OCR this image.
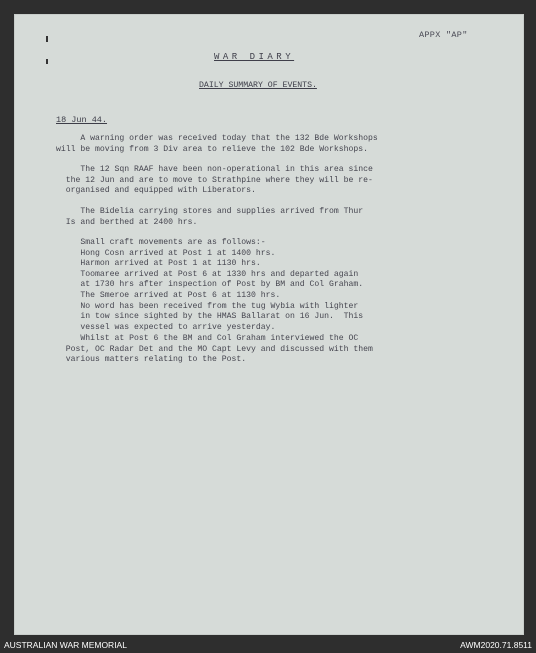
APPX "AP"
WAR DIARY
DAILY SUMMARY OF EVENTS.
18 Jun 44.
A warning order was received today that the 132 Bde Workshops
will be moving from 3 Div area to relieve the 102 Bde Workshops.
The 12 Sqn RAAF have been non-operational in this area since
the 12 Jun and are to move to Strathpine where they will be re-
organised and equipped with Liberators.
The Bidelia carrying stores and supplies arrived from Thur
Is and berthed at 2400 hrs.
Small craft movements are as follows:-
Hong Cosn arrived at Post 1 at 1400 hrs.
Harmon arrived at Post 1 at 1130 hrs.
Toomaree arrived at Post 6 at 1330 hrs and departed again
at 1730 hrs after inspection of Post by BM and Col Graham.
The Smeroe arrived at Post 6 at 1130 hrs.
No word has been received from the tug Wybia with lighter
in tow since sighted by the HMAS Ballarat on 16 Jun.  This
vessel was expected to arrive yesterday.
Whilst at Post 6 the BM and Col Graham interviewed the OC
Post, OC Radar Det and the MO Capt Levy and discussed with them
various matters relating to the Post.
AUSTRALIAN WAR MEMORIAL	AWM2020.71.8511
